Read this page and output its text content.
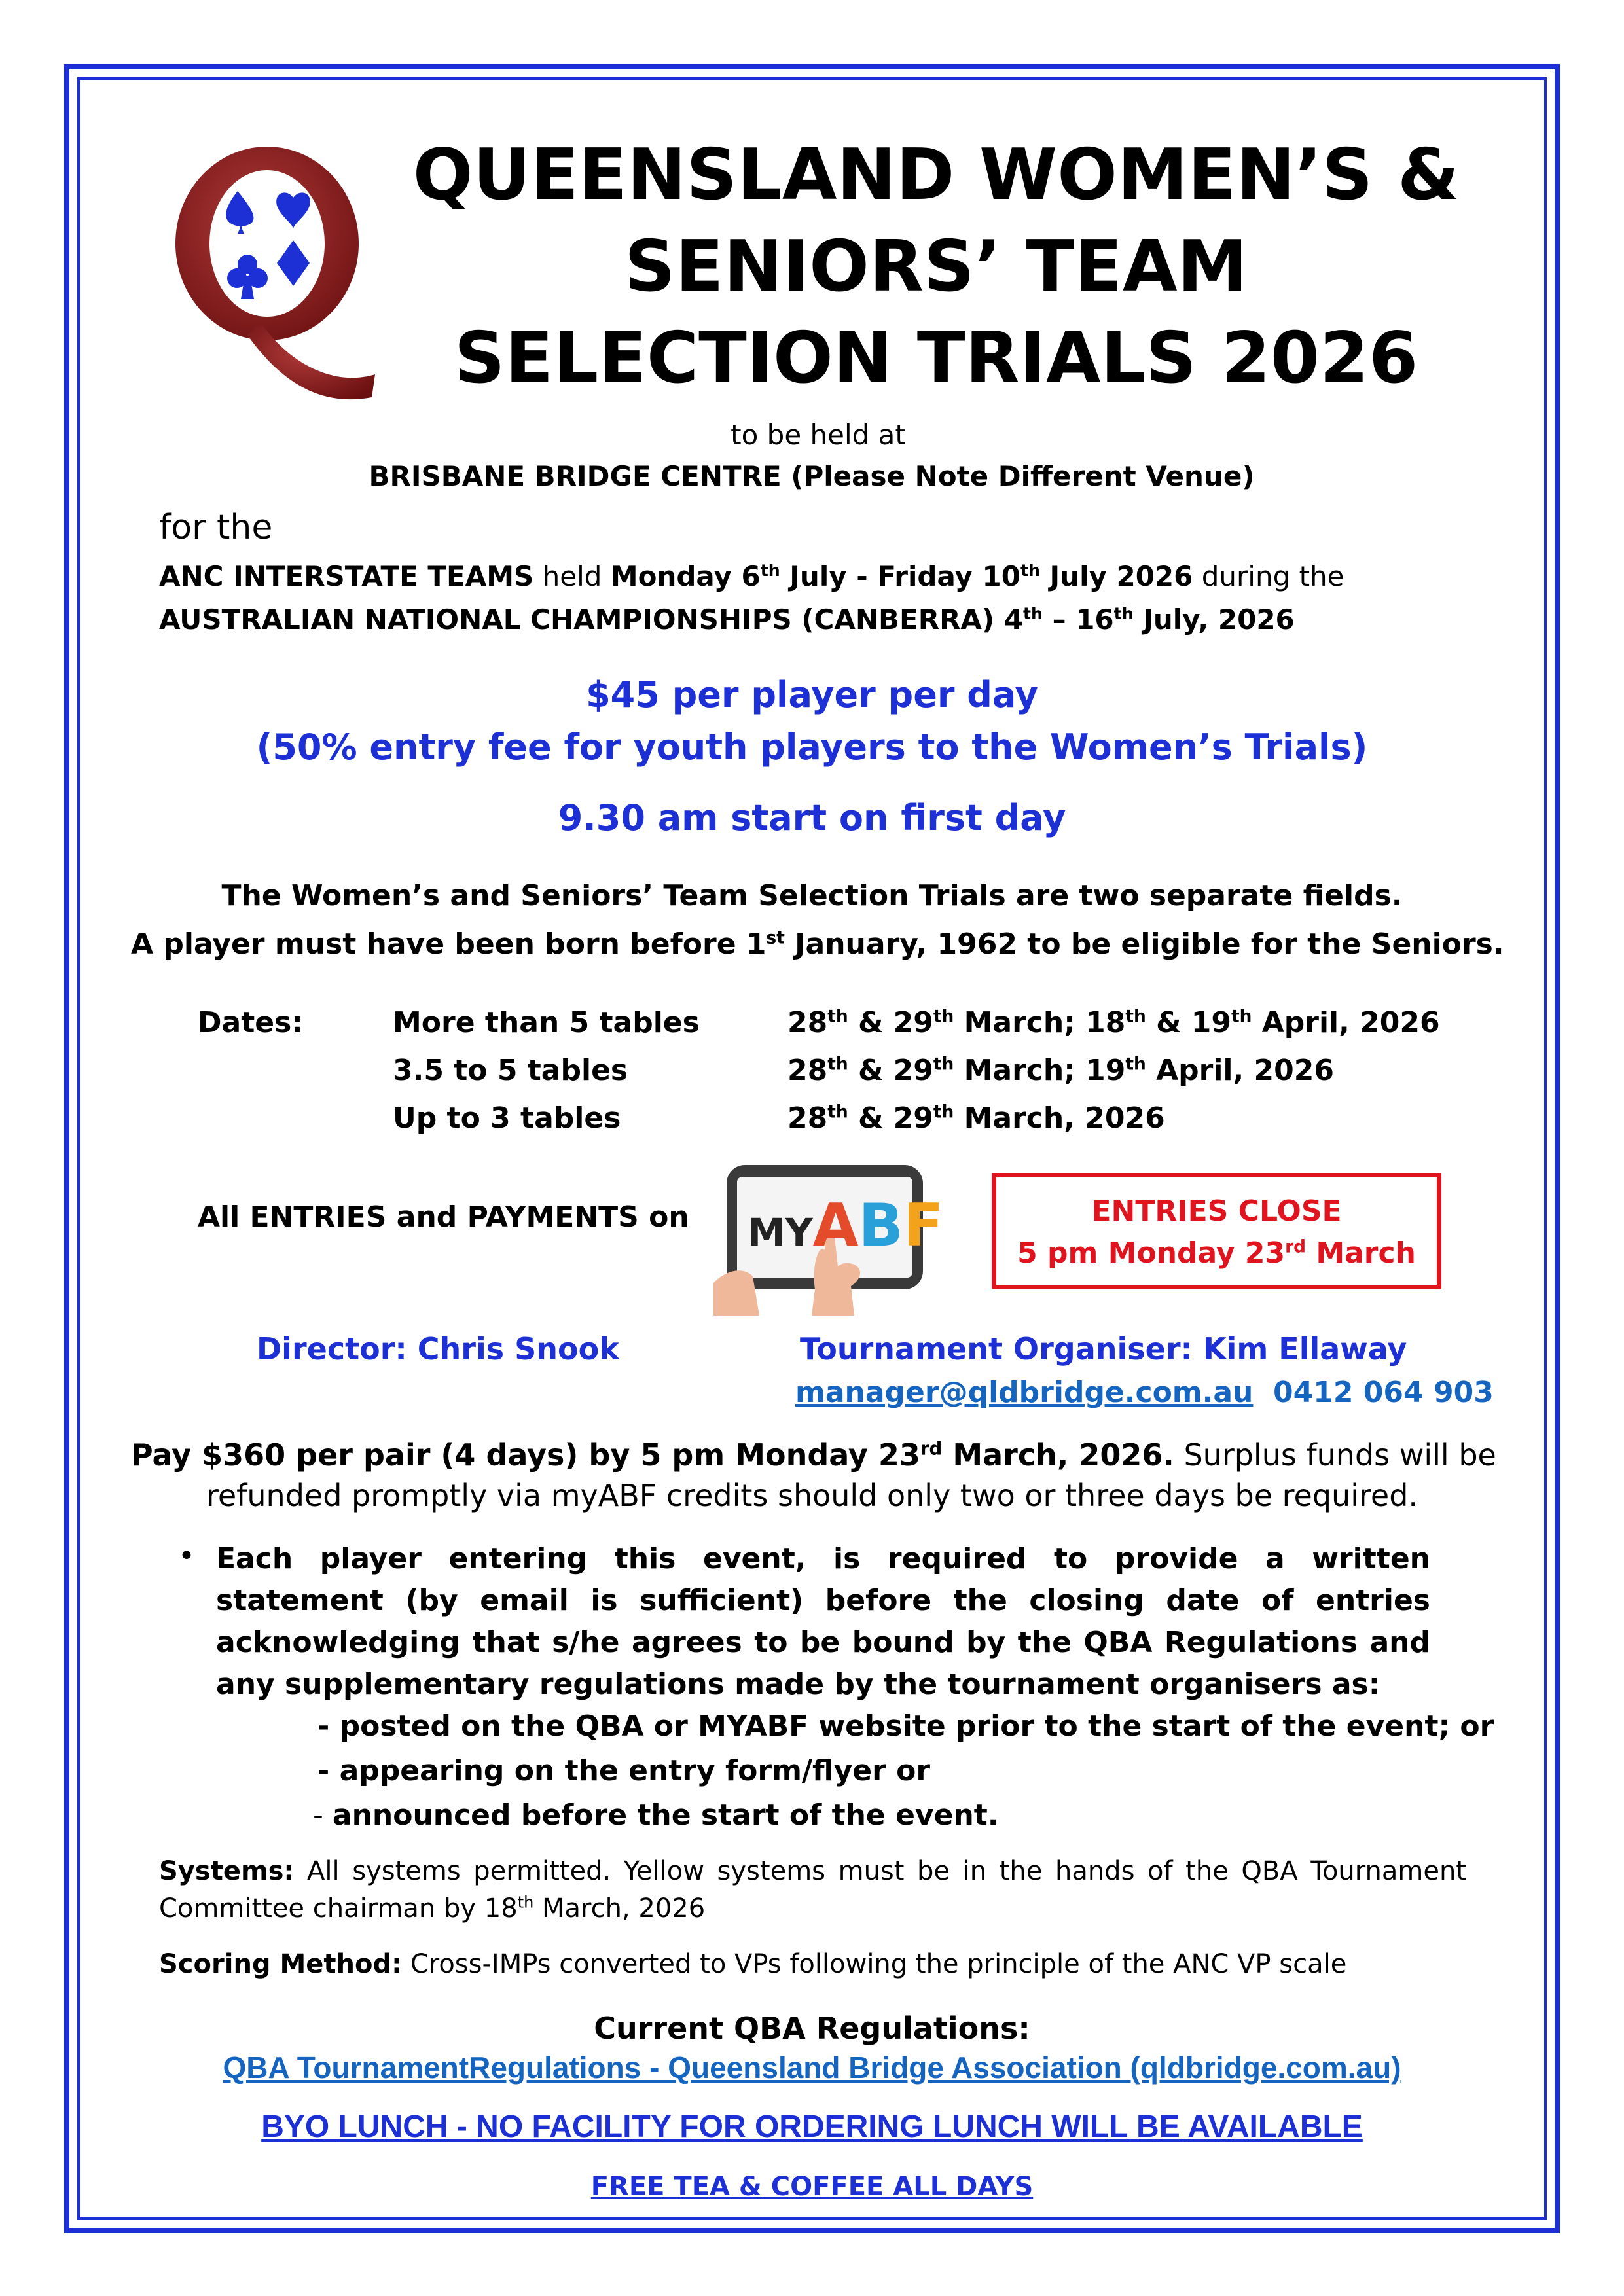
Q	QUEENSLAND WOMEN’S &
SENIORS’ TEAM
SELECTION TRIALS 2026
to be held at
BRISBANE BRIDGE CENTRE (Please Note Different Venue)
for the
ANC INTERSTATE TEAMS held Monday 6th July - Friday 10th July 2026 during the
AUSTRALIAN NATIONAL CHAMPIONSHIPS (CANBERRA) 4th – 16th July, 2026
$45 per player per day
(50% entry fee for youth players to the Women’s Trials)
9.30 am start on first day
The Women’s and Seniors’ Team Selection Trials are two separate fields.
A player must have been born before 1st January, 1962 to be eligible for the Seniors.
Dates:	More than 5 tables	28th & 29th March; 18th & 19th April, 2026
3.5 to 5 tables	28th & 29th March; 19th April, 2026
Up to 3 tables	28th & 29th March, 2026
All ENTRIES and PAYMENTS on MYABF	ENTRIES CLOSE
5 pm Monday 23rd March
Director: Chris Snook	Tournament Organiser: Kim Ellaway
manager@qldbridge.com.au 0412 064 903
Pay $360 per pair (4 days) by 5 pm Monday 23rd March, 2026. Surplus funds will be
refunded promptly via myABF credits should only two or three days be required.
• Each player entering this event, is required to provide a written statement (by email is sufficient) before the closing date of entries acknowledging that s/he agrees to be bound by the QBA Regulations and any supplementary regulations made by the tournament organisers as:
- posted on the QBA or MYABF website prior to the start of the event; or
- appearing on the entry form/flyer or
- announced before the start of the event.
Systems: All systems permitted. Yellow systems must be in the hands of the QBA Tournament
Committee chairman by 18th March, 2026
Scoring Method: Cross-IMPs converted to VPs following the principle of the ANC VP scale
Current QBA Regulations:
QBA TournamentRegulations - Queensland Bridge Association (qldbridge.com.au)
BYO LUNCH - NO FACILITY FOR ORDERING LUNCH WILL BE AVAILABLE
FREE TEA & COFFEE ALL DAYS
